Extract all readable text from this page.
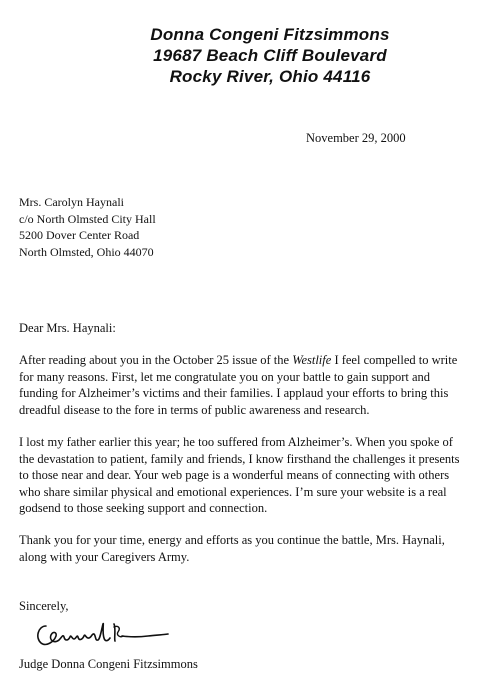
Donna Congeni Fitzsimmons
19687 Beach Cliff Boulevard
Rocky River, Ohio 44116
November 29, 2000
Mrs. Carolyn Haynali
c/o North Olmsted City Hall
5200 Dover Center Road
North Olmsted, Ohio 44070
Dear Mrs. Haynali:
After reading about you in the October 25 issue of the Westlife I feel compelled to write
for many reasons. First, let me congratulate you on your battle to gain support and
funding for Alzheimer’s victims and their families. I applaud your efforts to bring this
dreadful disease to the fore in terms of public awareness and research.
I lost my father earlier this year; he too suffered from Alzheimer’s. When you spoke of
the devastation to patient, family and friends, I know firsthand the challenges it presents
to those near and dear. Your web page is a wonderful means of connecting with others
who share similar physical and emotional experiences. I’m sure your website is a real
godsend to those seeking support and connection.
Thank you for your time, energy and efforts as you continue the battle, Mrs. Haynali,
along with your Caregivers Army.
Sincerely,
Judge Donna Congeni Fitzsimmons
